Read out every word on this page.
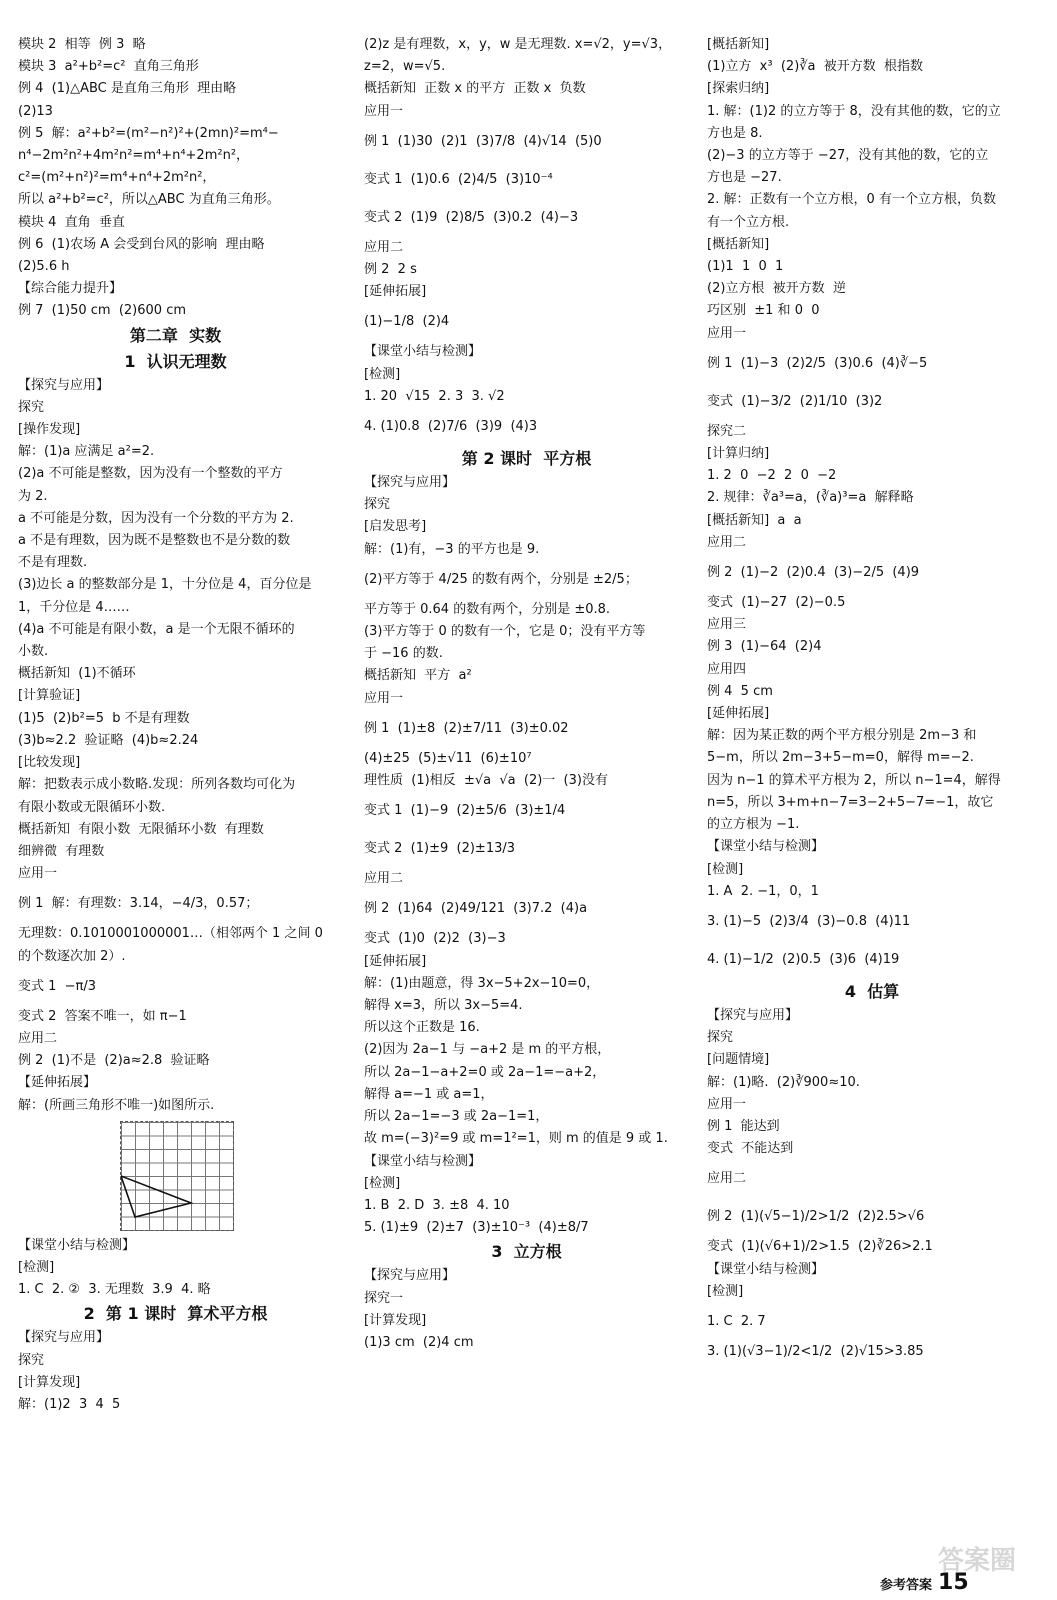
模块 2  相等  例 3  略
模块 3  a²+b²=c²  直角三角形
例 4  (1)△ABC 是直角三角形  理由略
(2)13
例 5  解：a²+b²=(m²−n²)²+(2mn)²=m⁴−
n⁴−2m²n²+4m²n²=m⁴+n⁴+2m²n²，
c²=(m²+n²)²=m⁴+n⁴+2m²n²，
所以 a²+b²=c²，所以△ABC 为直角三角形。
模块 4  直角  垂直
例 6  (1)农场 A 会受到台风的影响  理由略
(2)5.6 h
【综合能力提升】
例 7  (1)50 cm  (2)600 cm
第二章  实数
1  认识无理数
【探究与应用】
探究
[操作发现]
解：(1)a 应满足 a²=2.
(2)a 不可能是整数，因为没有一个整数的平方
为 2.
a 不可能是分数，因为没有一个分数的平方为 2.
a 不是有理数，因为既不是整数也不是分数的数
不是有理数.
(3)边长 a 的整数部分是 1，十分位是 4，百分位是
1，千分位是 4……
(4)a 不可能是有限小数，a 是一个无限不循环的
小数.
概括新知  (1)不循环
[计算验证]
(1)5  (2)b²=5  b 不是有理数
(3)b≈2.2  验证略  (4)b≈2.24
[比较发现]
解：把数表示成小数略.发现：所列各数均可化为
有限小数或无限循环小数.
概括新知  有限小数  无限循环小数  有理数
细辨微  有理数
应用一
例 1  解：有理数：3.14，−4/3，0.57̇；
无理数：0.1010001000001…（相邻两个 1 之间 0
的个数逐次加 2）.
变式 1  −π/3
变式 2  答案不唯一，如 π−1
应用二
例 2  (1)不是  (2)a≈2.8  验证略
【延伸拓展】
解：(所画三角形不唯一)如图所示.
【课堂小结与检测】
[检测]
1. C  2. ②  3. 无理数  3.9  4. 略
2  第 1 课时  算术平方根
【探究与应用】
探究
[计算发现]
解：(1)2  3  4  5
(2)z 是有理数，x，y，w 是无理数. x=√2，y=√3，
z=2，w=√5.
概括新知  正数 x 的平方  正数 x  负数
应用一
例 1  (1)30  (2)1  (3)7/8  (4)√14  (5)0
变式 1  (1)0.6  (2)4/5  (3)10⁻⁴
变式 2  (1)9  (2)8/5  (3)0.2  (4)−3
应用二
例 2  2 s
[延伸拓展]
(1)−1/8  (2)4
【课堂小结与检测】
[检测]
1. 20  √15  2. 3  3. √2
4. (1)0.8  (2)7/6  (3)9  (4)3
第 2 课时  平方根
【探究与应用】
探究
[启发思考]
解：(1)有，−3 的平方也是 9.
(2)平方等于 4/25 的数有两个，分别是 ±2/5；
平方等于 0.64 的数有两个，分别是 ±0.8.
(3)平方等于 0 的数有一个，它是 0；没有平方等
于 −16 的数.
概括新知  平方  a²
应用一
例 1  (1)±8  (2)±7/11  (3)±0.02
(4)±25  (5)±√11  (6)±10⁷
理性质  (1)相反  ±√a  √a  (2)一  (3)没有
变式 1  (1)−9  (2)±5/6  (3)±1/4
变式 2  (1)±9  (2)±13/3
应用二
例 2  (1)64  (2)49/121  (3)7.2  (4)a
变式  (1)0  (2)2  (3)−3
[延伸拓展]
解：(1)由题意，得 3x−5+2x−10=0，
解得 x=3，所以 3x−5=4.
所以这个正数是 16.
(2)因为 2a−1 与 −a+2 是 m 的平方根，
所以 2a−1−a+2=0 或 2a−1=−a+2，
解得 a=−1 或 a=1，
所以 2a−1=−3 或 2a−1=1，
故 m=(−3)²=9 或 m=1²=1，则 m 的值是 9 或 1.
【课堂小结与检测】
[检测]
1. B  2. D  3. ±8  4. 10
5. (1)±9  (2)±7  (3)±10⁻³  (4)±8/7
3  立方根
【探究与应用】
探究一
[计算发现]
(1)3 cm  (2)4 cm
[概括新知]
(1)立方  x³  (2)∛a  被开方数  根指数
[探索归纳]
1. 解：(1)2 的立方等于 8，没有其他的数，它的立
方也是 8.
(2)−3 的立方等于 −27，没有其他的数，它的立
方也是 −27.
2. 解：正数有一个立方根，0 有一个立方根，负数
有一个立方根.
[概括新知]
(1)1  1  0  1
(2)立方根  被开方数  逆
巧区别  ±1 和 0  0
应用一
例 1  (1)−3  (2)2/5  (3)0.6  (4)∛−5
变式  (1)−3/2  (2)1/10  (3)2
探究二
[计算归纳]
1. 2  0  −2  2  0  −2
2. 规律：∛a³=a，(∛a)³=a  解释略
[概括新知]  a  a
应用二
例 2  (1)−2  (2)0.4  (3)−2/5  (4)9
变式  (1)−27  (2)−0.5
应用三
例 3  (1)−64  (2)4
应用四
例 4  5 cm
[延伸拓展]
解：因为某正数的两个平方根分别是 2m−3 和
5−m，所以 2m−3+5−m=0，解得 m=−2.
因为 n−1 的算术平方根为 2，所以 n−1=4，解得
n=5，所以 3+m+n−7=3−2+5−7=−1，故它
的立方根为 −1.
【课堂小结与检测】
[检测]
1. A  2. −1，0，1
3. (1)−5  (2)3/4  (3)−0.8  (4)11
4. (1)−1/2  (2)0.5  (3)6  (4)19
4  估算
【探究与应用】
探究
[问题情境]
解：(1)略.  (2)∛900≈10.
应用一
例 1  能达到
变式  不能达到
应用二
例 2  (1)(√5−1)/2>1/2  (2)2.5>√6
变式  (1)(√6+1)/2>1.5  (2)∛26>2.1
【课堂小结与检测】
[检测]
1. C  2. 7
3. (1)(√3−1)/2<1/2  (2)√15>3.85
答案圈
参考答案 15
